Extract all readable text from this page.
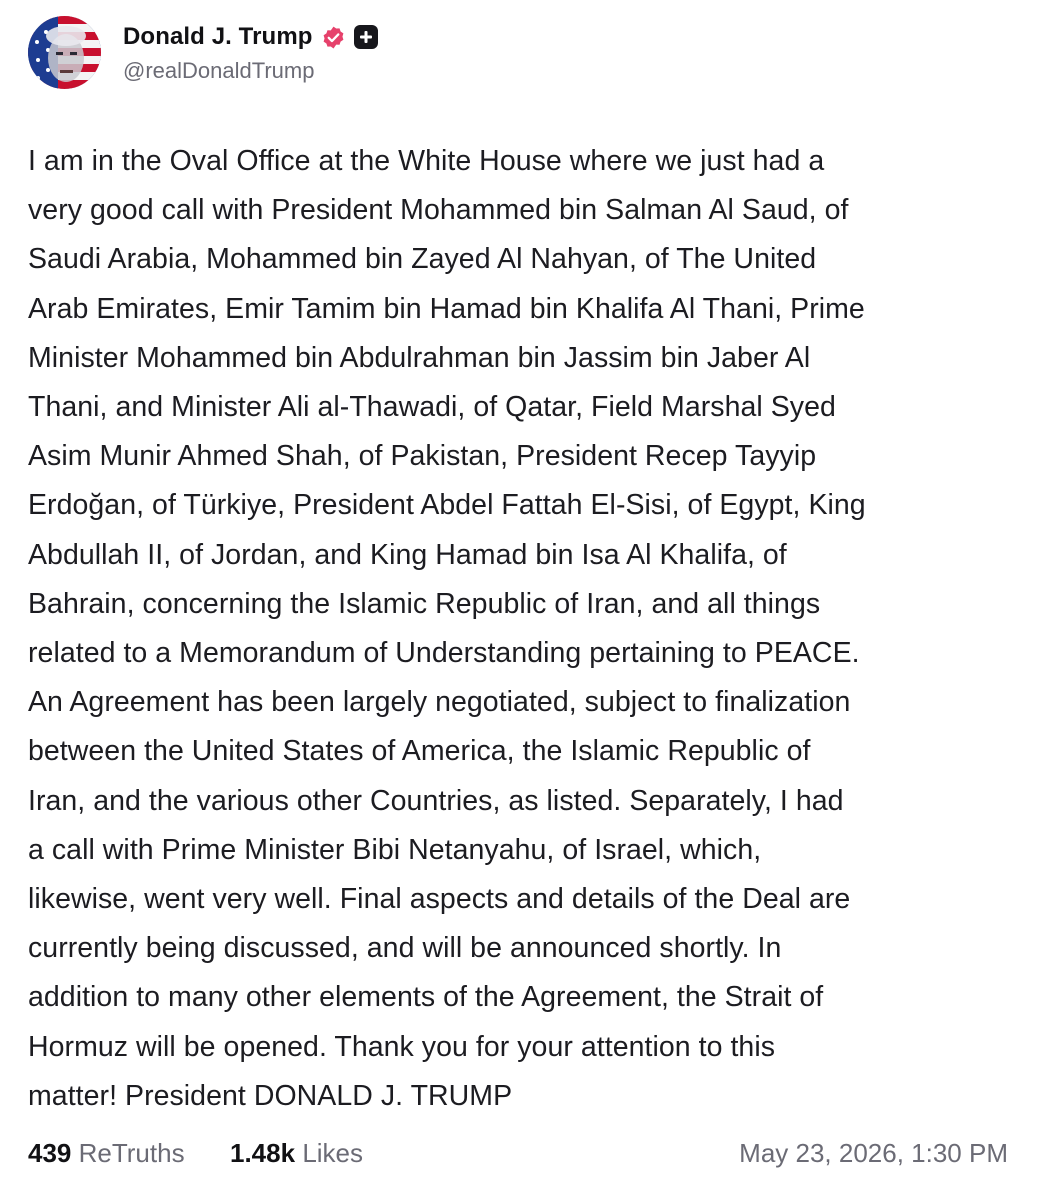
Donald J. Trump
@realDonaldTrump
I am in the Oval Office at the White House where we just had a
very good call with President Mohammed bin Salman Al Saud, of
Saudi Arabia, Mohammed bin Zayed Al Nahyan, of The United
Arab Emirates, Emir Tamim bin Hamad bin Khalifa Al Thani, Prime
Minister Mohammed bin Abdulrahman bin Jassim bin Jaber Al
Thani, and Minister Ali al-Thawadi, of Qatar, Field Marshal Syed
Asim Munir Ahmed Shah, of Pakistan, President Recep Tayyip
Erdoğan, of Türkiye, President Abdel Fattah El-Sisi, of Egypt, King
Abdullah II, of Jordan, and King Hamad bin Isa Al Khalifa, of
Bahrain, concerning the Islamic Republic of Iran, and all things
related to a Memorandum of Understanding pertaining to PEACE.
An Agreement has been largely negotiated, subject to finalization
between the United States of America, the Islamic Republic of
Iran, and the various other Countries, as listed. Separately, I had
a call with Prime Minister Bibi Netanyahu, of Israel, which,
likewise, went very well. Final aspects and details of the Deal are
currently being discussed, and will be announced shortly. In
addition to many other elements of the Agreement, the Strait of
Hormuz will be opened. Thank you for your attention to this
matter! President DONALD J. TRUMP
439 ReTruths 1.48k Likes	May 23, 2026, 1:30 PM
